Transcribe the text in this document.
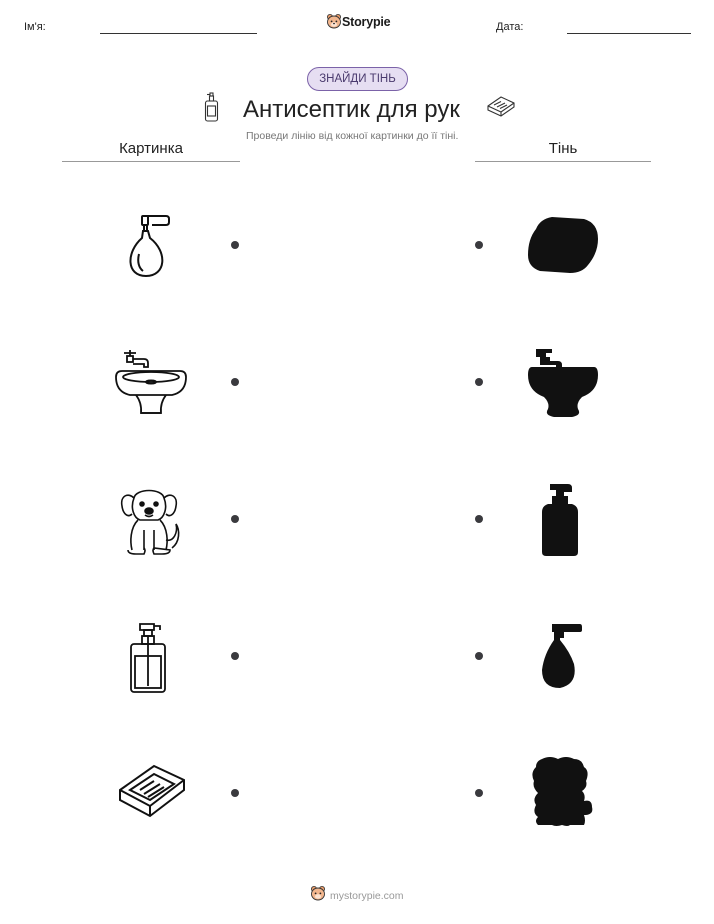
Ім'я:	Storypie	Дата:
ЗНАЙДИ ТІНЬ
Антисептик для рук
Проведи лінію від кожної картинки до її тіні.
Картинка	Тінь
mystorypie.com
